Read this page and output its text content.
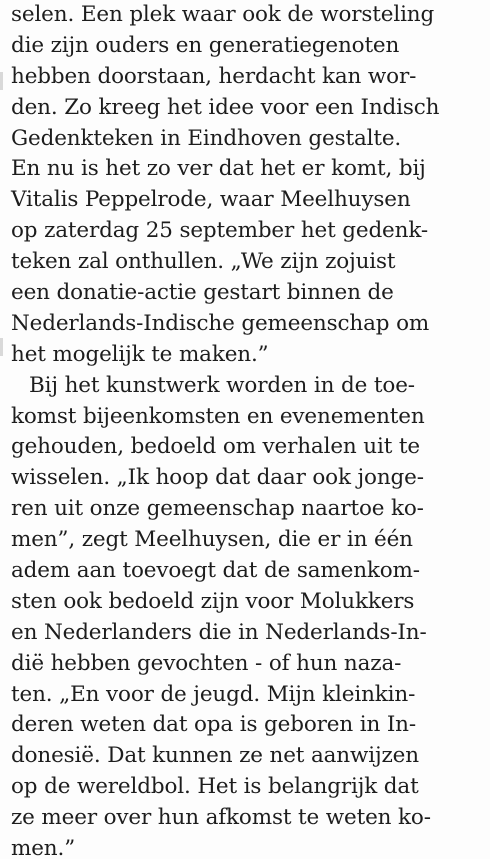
selen. Een plek waar ook de worsteling
die zijn ouders en generatiegenoten
hebben doorstaan, herdacht kan wor-
den. Zo kreeg het idee voor een Indisch
Gedenkteken in Eindhoven gestalte.
En nu is het zo ver dat het er komt, bij
Vitalis Peppelrode, waar Meelhuysen
op zaterdag 25 september het gedenk-
teken zal onthullen. „We zijn zojuist
een donatie-actie gestart binnen de
Nederlands-Indische gemeenschap om
het mogelijk te maken.”
Bij het kunstwerk worden in de toe-
komst bijeenkomsten en evenementen
gehouden, bedoeld om verhalen uit te
wisselen. „Ik hoop dat daar ook jonge-
ren uit onze gemeenschap naartoe ko-
men”, zegt Meelhuysen, die er in één
adem aan toevoegt dat de samenkom-
sten ook bedoeld zijn voor Molukkers
en Nederlanders die in Nederlands-In-
dië hebben gevochten - of hun naza-
ten. „En voor de jeugd. Mijn kleinkin-
deren weten dat opa is geboren in In-
donesië. Dat kunnen ze net aanwijzen
op de wereldbol. Het is belangrijk dat
ze meer over hun afkomst te weten ko-
men.”
